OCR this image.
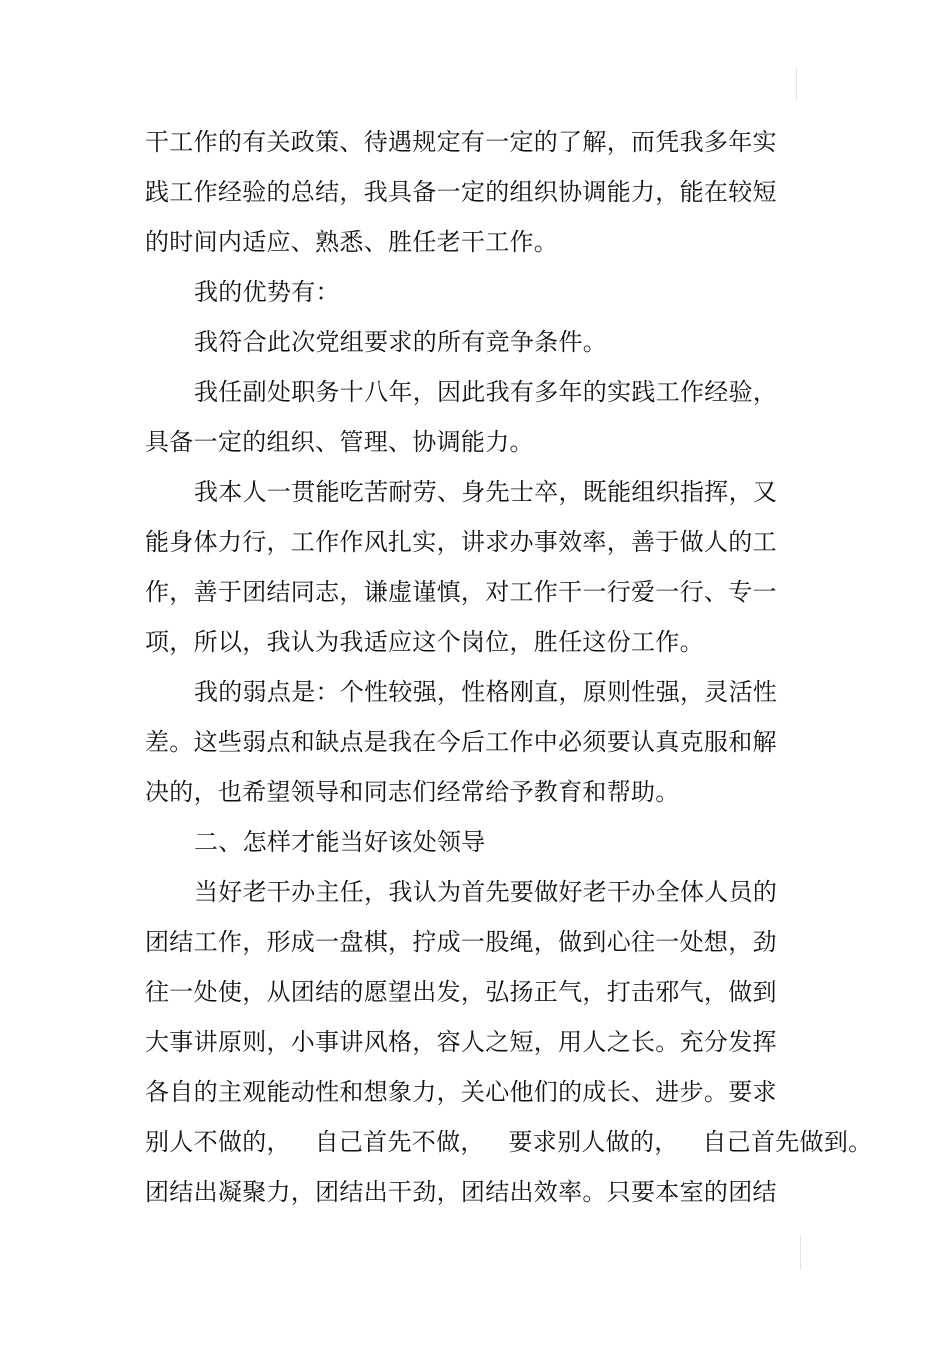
干工作的有关政策、待遇规定有一定的了解，而凭我多年实
践工作经验的总结，我具备一定的组织协调能力，能在较短
的时间内适应、熟悉、胜任老干工作。
我的优势有：
我符合此次党组要求的所有竞争条件。
我任副处职务十八年，因此我有多年的实践工作经验，
具备一定的组织、管理、协调能力。
我本人一贯能吃苦耐劳、身先士卒，既能组织指挥，又
能身体力行，工作作风扎实，讲求办事效率，善于做人的工
作，善于团结同志，谦虚谨慎，对工作干一行爱一行、专一
项，所以，我认为我适应这个岗位，胜任这份工作。
我的弱点是：个性较强，性格刚直，原则性强，灵活性
差。这些弱点和缺点是我在今后工作中必须要认真克服和解
决的，也希望领导和同志们经常给予教育和帮助。
二、怎样才能当好该处领导
当好老干办主任，我认为首先要做好老干办全体人员的
团结工作，形成一盘棋，拧成一股绳，做到心往一处想，劲
往一处使，从团结的愿望出发，弘扬正气，打击邪气，做到
大事讲原则，小事讲风格，容人之短，用人之长。充分发挥
各自的主观能动性和想象力，关心他们的成长、进步。要求
别人不做的，   自己首先不做，   要求别人做的，   自己首先做到。
团结出凝聚力，团结出干劲，团结出效率。只要本室的团结
